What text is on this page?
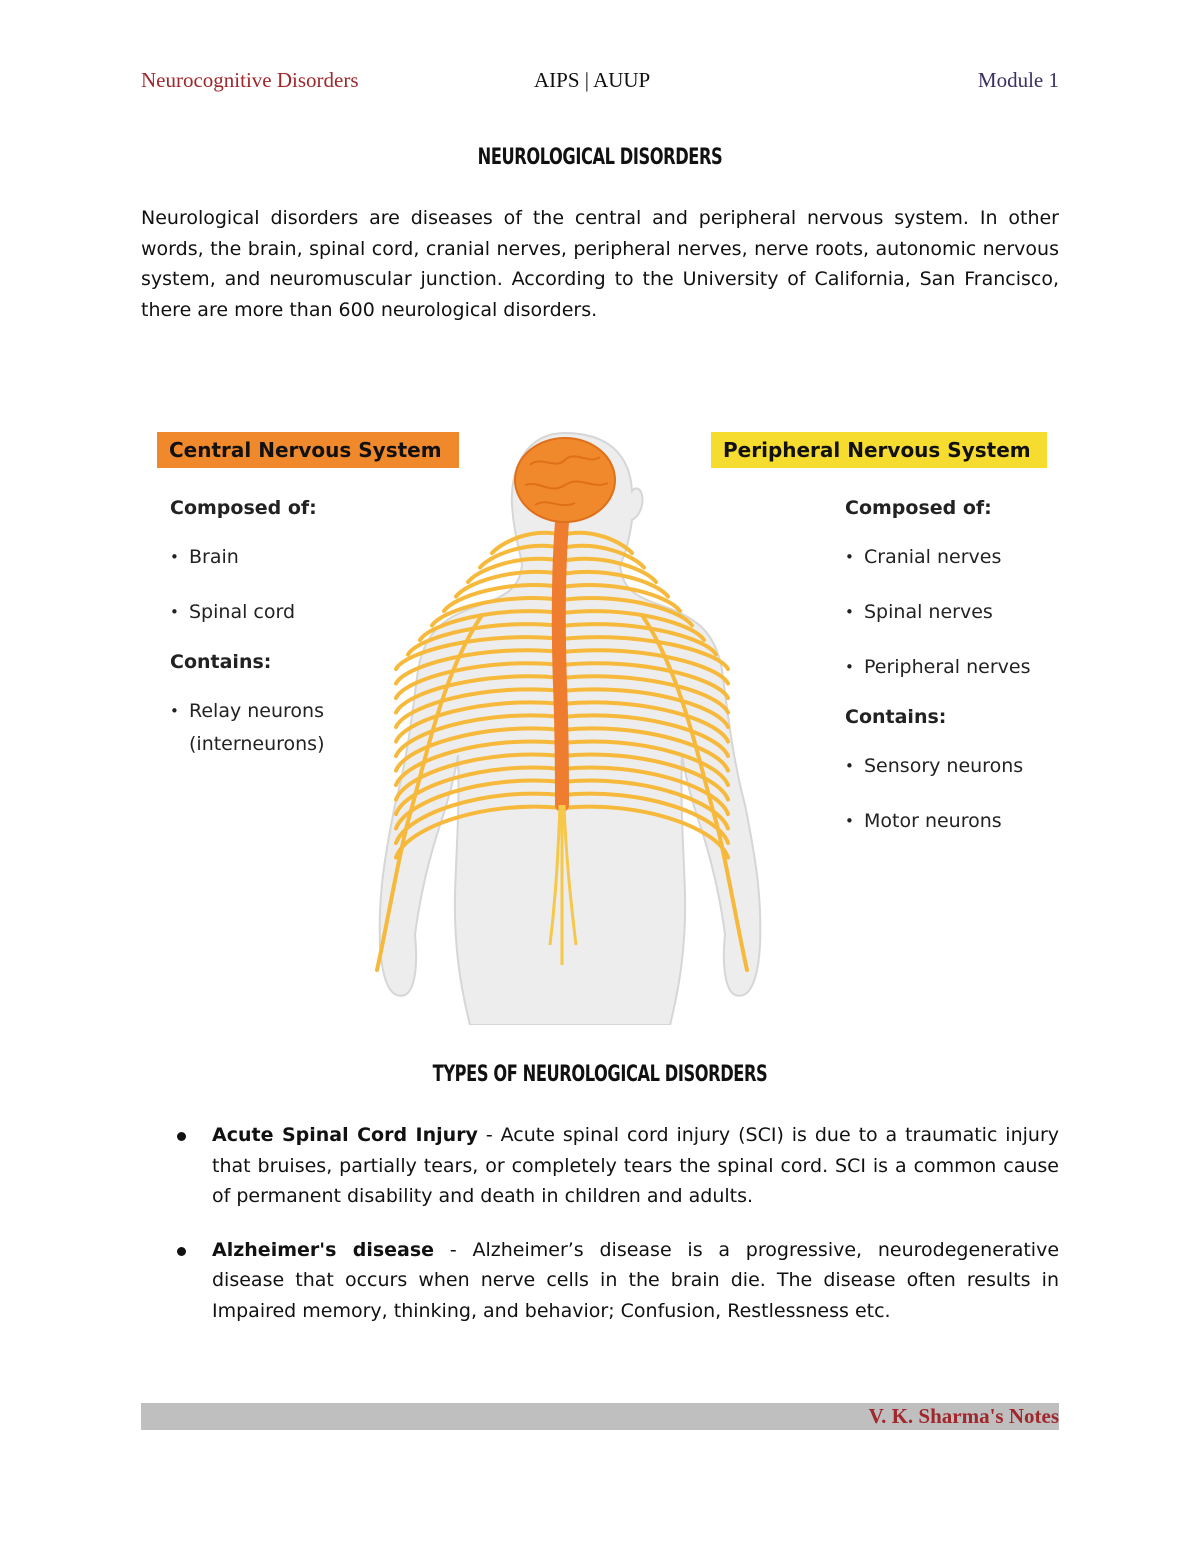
Neurocognitive Disorders	AIPS | AUUP	Module 1
NEUROLOGICAL DISORDERS
Neurological disorders are diseases of the central and peripheral nervous system. In other words, the brain, spinal cord, cranial nerves, peripheral nerves, nerve roots, autonomic nervous system, and neuromuscular junction. According to the University of California, San Francisco, there are more than 600 neurological disorders.
Central Nervous System	Peripheral Nervous System
Composed of:
• Brain
• Spinal cord
Contains:
• Relay neurons
(interneurons)
Composed of:
• Cranial nerves
• Spinal nerves
• Peripheral nerves
Contains:
• Sensory neurons
• Motor neurons
TYPES OF NEUROLOGICAL DISORDERS
Acute Spinal Cord Injury - Acute spinal cord injury (SCI) is due to a traumatic injury that bruises, partially tears, or completely tears the spinal cord. SCI is a common cause of permanent disability and death in children and adults.
Alzheimer's disease - Alzheimer’s disease is a progressive, neurodegenerative disease that occurs when nerve cells in the brain die. The disease often results in Impaired memory, thinking, and behavior; Confusion, Restlessness etc.
V. K. Sharma's Notes
